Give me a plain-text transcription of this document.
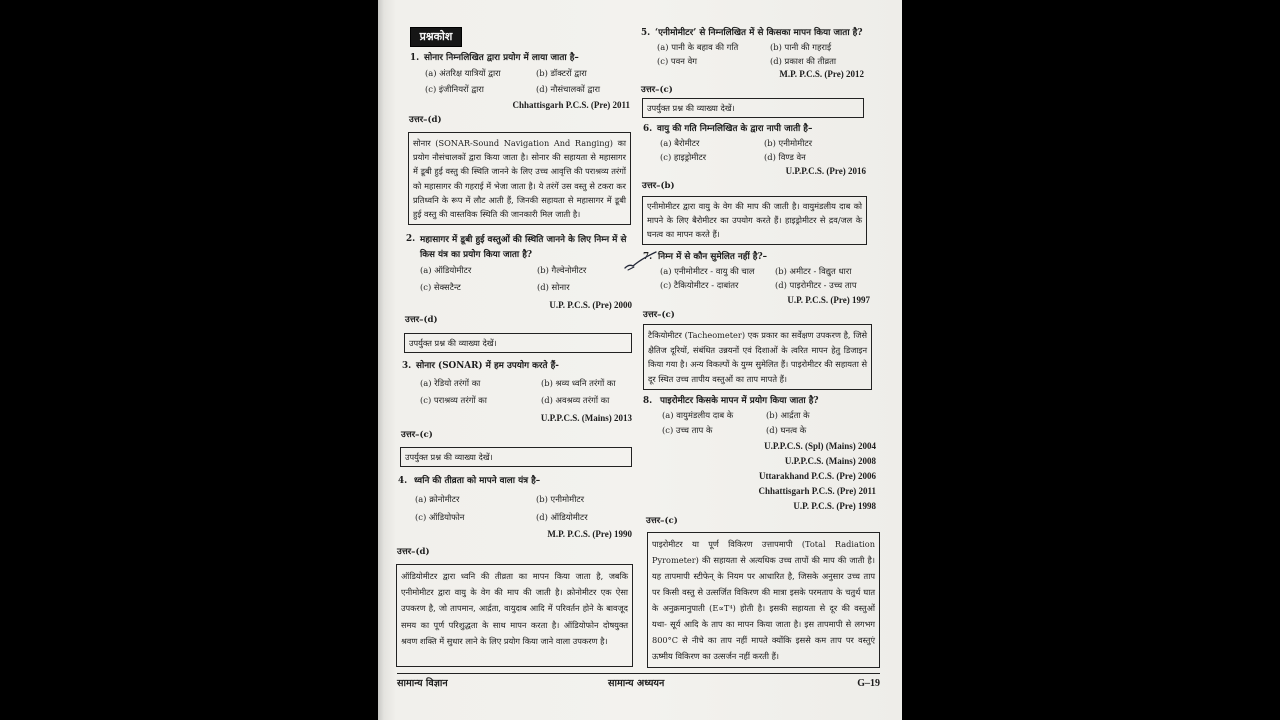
प्रश्नकोश
1. सोनार निम्नलिखित द्वारा प्रयोग में लाया जाता है–
(a) अंतरिक्ष यात्रियों द्वारा	(b) डॉक्टरों द्वारा
(c) इंजीनियरों द्वारा	(d) नौसंचालकों द्वारा
Chhattisgarh P.C.S. (Pre) 2011
उत्तर–(d)
सोनार (SONAR-Sound Navigation And Ranging) का प्रयोग नौसंचालकों द्वारा किया जाता है। सोनार की सहायता से महासागर में डूबी हुई वस्तु की स्थिति जानने के लिए उच्च आवृत्ति की पराश्रव्य तरंगों को महासागर की गहराई में भेजा जाता है। ये तरंगें उस वस्तु से टकरा कर प्रतिध्वनि के रूप में लौट आती हैं, जिनकी सहायता से महासागर में डूबी हुई वस्तु की वास्तविक स्थिति की जानकारी मिल जाती है।
2. महासागर में डूबी हुई वस्तुओं की स्थिति जानने के लिए निम्न में से किस यंत्र का प्रयोग किया जाता है?
(a) ऑडियोमीटर	(b) गैल्वेनोमीटर
(c) सेक्सटैन्ट	(d) सोनार
U.P. P.C.S. (Pre) 2000
उत्तर–(d)
उपर्युक्त प्रश्न की व्याख्या देखें।
3. सोनार (SONAR) में हम उपयोग करते हैं-
(a) रेडियो तरंगों का	(b) श्रव्य ध्वनि तरंगों का
(c) पराश्रव्य तरंगों का	(d) अवश्रव्य तरंगों का
U.P.P.C.S. (Mains) 2013
उत्तर–(c)
उपर्युक्त प्रश्न की व्याख्या देखें।
4. ध्वनि की तीव्रता को मापने वाला यंत्र है–
(a) क्रोनोमीटर	(b) एनीमोमीटर
(c) ऑडियोफोन	(d) ऑडियोमीटर
M.P. P.C.S. (Pre) 1990
उत्तर–(d)
ऑडियोमीटर द्वारा ध्वनि की तीव्रता का मापन किया जाता है, जबकि एनीमोमीटर द्वारा वायु के वेग की माप की जाती है। क्रोनोमीटर एक ऐसा उपकरण है, जो तापमान, आर्द्रता, वायुदाब आदि में परिवर्तन होने के बावजूद समय का पूर्ण परिशुद्धता के साथ मापन करता है। ऑडियोफोन दोषयुक्त श्रवण शक्ति में सुधार लाने के लिए प्रयोग किया जाने वाला उपकरण है।
5. ‘एनीमोमीटर’ से निम्नलिखित में से किसका मापन किया जाता है?
(a) पानी के बहाव की गति	(b) पानी की गहराई
(c) पवन वेग	(d) प्रकाश की तीव्रता
M.P. P.C.S. (Pre) 2012
उत्तर–(c)
उपर्युक्त प्रश्न की व्याख्या देखें।
6. वायु की गति निम्नलिखित के द्वारा नापी जाती है–
(a) बैरोमीटर	(b) एनीमोमीटर
(c) हाइड्रोमीटर	(d) विण्ड वेन
U.P.P.C.S. (Pre) 2016
उत्तर–(b)
एनीमोमीटर द्वारा वायु के वेग की माप की जाती है। वायुमंडलीय दाब को मापने के लिए बैरोमीटर का उपयोग करते हैं। हाइड्रोमीटर से द्रव/जल के घनत्व का मापन करते हैं।
7. निम्न में से कौन सुमेलित नहीं है?–
(a) एनीमोमीटर - वायु की चाल (b) अमीटर - विद्युत धारा
(c) टैकियोमीटर - दाबांतर	(d) पाइरोमीटर - उच्च ताप
U.P. P.C.S. (Pre) 1997
उत्तर–(c)
टैकियोमीटर (Tacheometer) एक प्रकार का सर्वेक्षण उपकरण है, जिसे क्षैतिज दूरियों, संबंधित उन्नयनों एवं दिशाओं के त्वरित मापन हेतु डिजाइन किया गया है। अन्य विकल्पों के युग्म सुमेलित हैं। पाइरोमीटर की सहायता से दूर स्थित उच्च तापीय वस्तुओं का ताप मापते हैं।
8. पाइरोमीटर किसके मापन में प्रयोग किया जाता है?
(a) वायुमंडलीय दाब के	(b) आर्द्रता के
(c) उच्च ताप के	(d) घनत्व के
U.P.P.C.S. (Spl) (Mains) 2004
U.P.P.C.S. (Mains) 2008
Uttarakhand P.C.S. (Pre) 2006
Chhattisgarh P.C.S. (Pre) 2011
U.P. P.C.S. (Pre) 1998
उत्तर–(c)
पाइरोमीटर या पूर्ण विकिरण उत्तापमापी (Total Radiation Pyrometer) की सहायता से अत्यधिक उच्च तापों की माप की जाती है। यह तापमापी स्टीफेन् के नियम पर आधारित है, जिसके अनुसार उच्च ताप पर किसी वस्तु से उत्सर्जित विकिरण की मात्रा इसके परमताप के चतुर्थ घात के अनुक्रमानुपाती (E∝T⁴) होती है। इसकी सहायता से दूर की वस्तुओं यथा- सूर्य आदि के ताप का मापन किया जाता है। इस तापमापी से लगभग 800°C से नीचे का ताप नहीं मापते क्योंकि इससे कम ताप पर वस्तुएं ऊष्मीय विकिरण का उत्सर्जन नहीं करती हैं।
सामान्य विज्ञान	सामान्य अध्ययन	G–19
